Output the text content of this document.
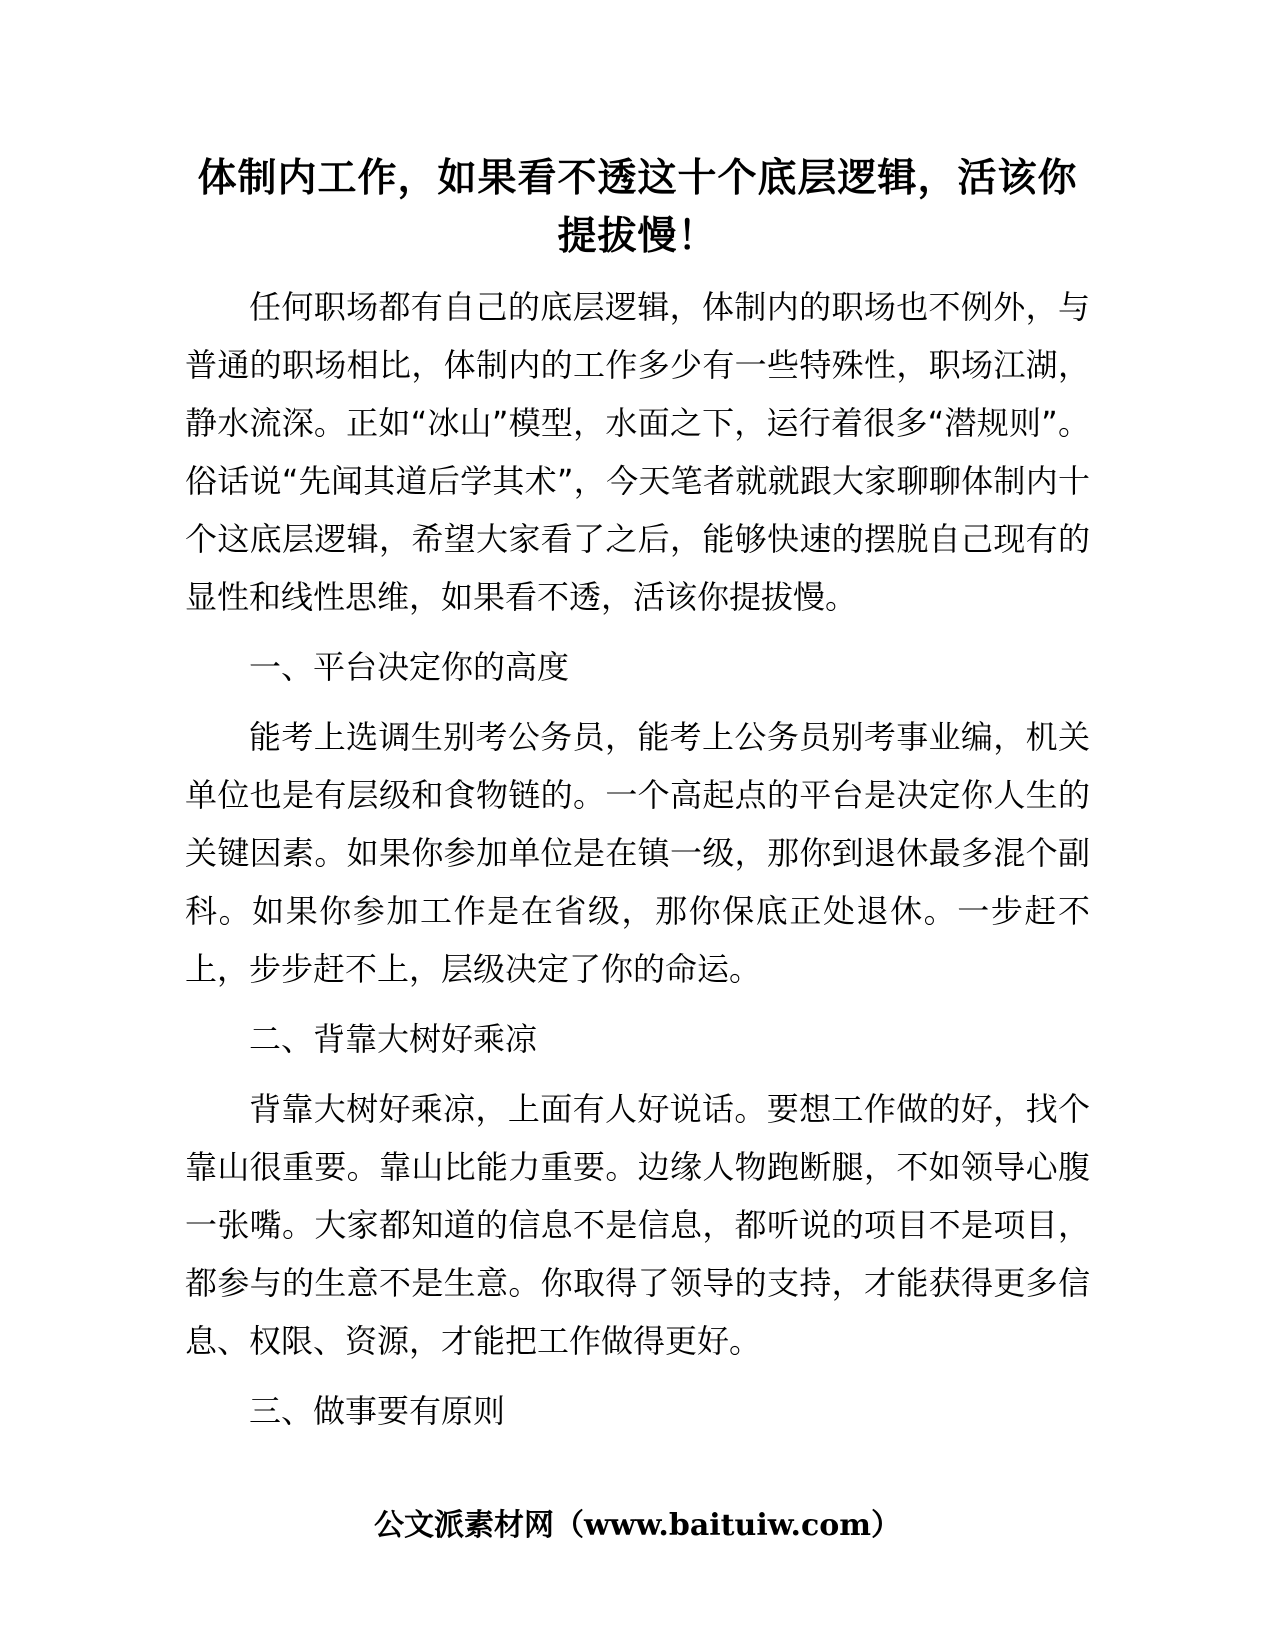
体制内工作，如果看不透这十个底层逻辑，活该你提拔慢！

任何职场都有自己的底层逻辑，体制内的职场也不例外，与普通的职场相比，体制内的工作多少有一些特殊性，职场江湖，静水流深。正如“冰山”模型，水面之下，运行着很多“潜规则”。俗话说“先闻其道后学其术”，今天笔者就就跟大家聊聊体制内十个这底层逻辑，希望大家看了之后，能够快速的摆脱自己现有的显性和线性思维，如果看不透，活该你提拔慢。

一、平台决定你的高度

能考上选调生别考公务员，能考上公务员别考事业编，机关单位也是有层级和食物链的。一个高起点的平台是决定你人生的关键因素。如果你参加单位是在镇一级，那你到退休最多混个副科。如果你参加工作是在省级，那你保底正处退休。一步赶不上，步步赶不上，层级决定了你的命运。

二、背靠大树好乘凉

背靠大树好乘凉，上面有人好说话。要想工作做的好，找个靠山很重要。靠山比能力重要。边缘人物跑断腿，不如领导心腹一张嘴。大家都知道的信息不是信息，都听说的项目不是项目，都参与的生意不是生意。你取得了领导的支持，才能获得更多信息、权限、资源，才能把工作做得更好。

三、做事要有原则

公文派素材网（www.baituiw.com）
